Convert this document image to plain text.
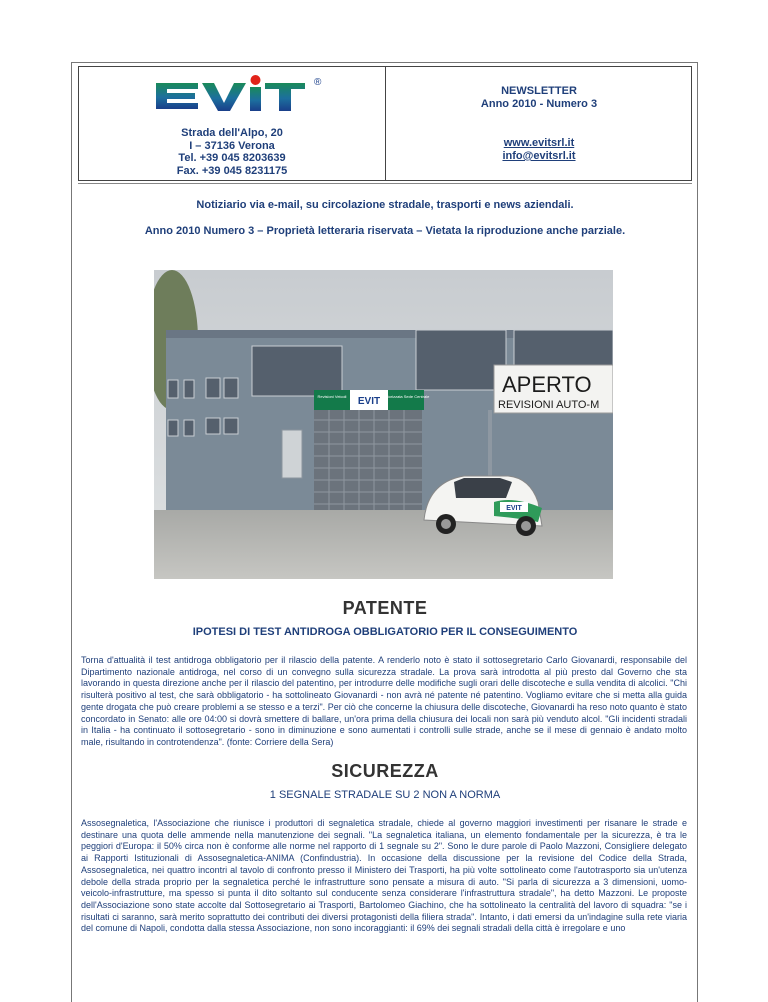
®
NEWSLETTER
Anno 2010 - Numero 3
Strada dell'Alpo, 20
I – 37136 Verona
Tel. +39 045 8203639
Fax. +39 045 8231175
www.evitsrl.it
info@evitsrl.it
Notiziario via e-mail, su circolazione stradale, trasporti e news aziendali.
Anno 2010 Numero 3 – Proprietà letteraria riservata – Vietata la riproduzione anche parziale.
EVIT
Revisioni Veicoli	Autorizzata Sede Centrale	APERTO
REVISIONI AUTO-M
EVIT
PATENTE
IPOTESI DI TEST ANTIDROGA OBBLIGATORIO PER IL CONSEGUIMENTO
Torna d'attualità il test antidroga obbligatorio per il rilascio della patente. A renderlo noto è stato il sottosegretario Carlo Giovanardi, responsabile del Dipartimento nazionale antidroga, nel corso di un convegno sulla sicurezza stradale. La prova sarà introdotta al più presto dal Governo che sta lavorando in questa direzione anche per il rilascio del patentino, per introdurre delle modifiche sugli orari delle discoteche e sulla vendita di alcolici. "Chi risulterà positivo al test, che sarà obbligatorio - ha sottolineato Giovanardi - non avrà né patente né patentino. Vogliamo evitare che si metta alla guida gente drogata che può creare problemi a se stesso e a terzi". Per ciò che concerne la chiusura delle discoteche, Giovanardi ha reso noto quanto è stato concordato in Senato: alle ore 04:00 si dovrà smettere di ballare, un'ora prima della chiusura dei locali non sarà più venduto alcol. "Gli incidenti stradali in Italia - ha continuato il sottosegretario - sono in diminuzione e sono aumentati i controlli sulle strade, anche se il mese di gennaio è andato molto male, risultando in controtendenza". (fonte: Corriere della Sera)
SICUREZZA
1 SEGNALE STRADALE SU 2 NON A NORMA
Assosegnaletica, l'Associazione che riunisce i produttori di segnaletica stradale, chiede al governo maggiori investimenti per risanare le strade e destinare una quota delle ammende nella manutenzione dei segnali. "La segnaletica italiana, un elemento fondamentale per la sicurezza, è tra le peggiori d'Europa: il 50% circa non è conforme alle norme nel rapporto di 1 segnale su 2". Sono le dure parole di Paolo Mazzoni, Consigliere delegato ai Rapporti Istituzionali di Assosegnaletica-ANIMA (Confindustria). In occasione della discussione per la revisione del Codice della Strada, Assosegnaletica, nei quattro incontri al tavolo di confronto presso il Ministero dei Trasporti, ha più volte sottolineato come l'autotrasporto sia un'utenza debole della strada proprio per la segnaletica perché le infrastrutture sono pensate a misura di auto. "Si parla di sicurezza a 3 dimensioni, uomo-veicolo-infrastrutture, ma spesso si punta il dito soltanto sul conducente senza considerare l'infrastruttura stradale", ha detto Mazzoni. Le proposte dell'Associazione sono state accolte dal Sottosegretario ai Trasporti, Bartolomeo Giachino, che ha sottolineato la centralità del lavoro di squadra: "se i risultati ci saranno, sarà merito soprattutto dei contributi dei diversi protagonisti della filiera strada". Intanto, i dati emersi da un'indagine sulla rete viaria del comune di Napoli, condotta dalla stessa Associazione, non sono incoraggianti: il 69% dei segnali stradali della città è irregolare e uno
